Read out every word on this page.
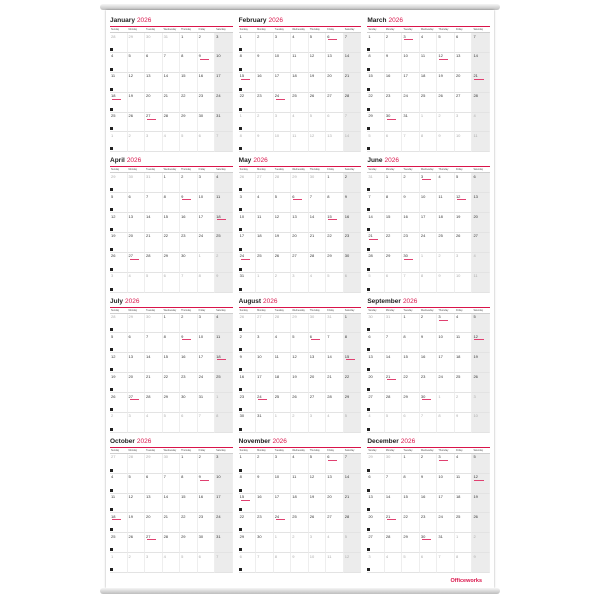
January 2026
Sunday	Monday	Tuesday	Wednesday	Thursday	Friday	Saturday
28	29	30	31	1	2	3
4	5	6	7	8	9	10
11	12	13	14	15	16	17
18	19	20	21	22	23	24
25	26	27	28	29	30	31
1	2	3	4	5	6	7
February 2026
Sunday	Monday	Tuesday	Wednesday	Thursday	Friday	Saturday
1	2	3	4	5	6	7
8	9	10	11	12	13	14
15	16	17	18	19	20	21
22	23	24	25	26	27	28
1	2	3	4	5	6	7
8	9	10	11	12	13	14
March 2026
Sunday	Monday	Tuesday	Wednesday	Thursday	Friday	Saturday
1	2	3	4	5	6	7
8	9	10	11	12	13	14
15	16	17	18	19	20	21
22	23	24	25	26	27	28
29	30	31	1	2	3	4
5	6	7	8	9	10	11
April 2026
Sunday	Monday	Tuesday	Wednesday	Thursday	Friday	Saturday
29	30	31	1	2	3	4
5	6	7	8	9	10	11
12	13	14	15	16	17	18
19	20	21	22	23	24	25
26	27	28	29	30	1	2
3	4	5	6	7	8	9
May 2026
Sunday	Monday	Tuesday	Wednesday	Thursday	Friday	Saturday
26	27	28	29	30	1	2
3	4	5	6	7	8	9
10	11	12	13	14	15	16
17	18	19	20	21	22	23
24	25	26	27	28	29	30
31	1	2	3	4	5	6
June 2026
Sunday	Monday	Tuesday	Wednesday	Thursday	Friday	Saturday
31	1	2	3	4	5	6
7	8	9	10	11	12	13
14	15	16	17	18	19	20
21	22	23	24	25	26	27
28	29	30	1	2	3	4
5	6	7	8	9	10	11
July 2026
Sunday	Monday	Tuesday	Wednesday	Thursday	Friday	Saturday
28	29	30	1	2	3	4
5	6	7	8	9	10	11
12	13	14	15	16	17	18
19	20	21	22	23	24	25
26	27	28	29	30	31	1
2	3	4	5	6	7	8
August 2026
Sunday	Monday	Tuesday	Wednesday	Thursday	Friday	Saturday
26	27	28	29	30	31	1
2	3	4	5	6	7	8
9	10	11	12	13	14	15
16	17	18	19	20	21	22
23	24	25	26	27	28	29
30	31	1	2	3	4	5
September 2026
Sunday	Monday	Tuesday	Wednesday	Thursday	Friday	Saturday
30	31	1	2	3	4	5
6	7	8	9	10	11	12
13	14	15	16	17	18	19
20	21	22	23	24	25	26
27	28	29	30	1	2	3
4	5	6	7	8	9	10
October 2026
Sunday	Monday	Tuesday	Wednesday	Thursday	Friday	Saturday
27	28	29	30	1	2	3
4	5	6	7	8	9	10
11	12	13	14	15	16	17
18	19	20	21	22	23	24
25	26	27	28	29	30	31
1	2	3	4	5	6	7
November 2026
Sunday	Monday	Tuesday	Wednesday	Thursday	Friday	Saturday
1	2	3	4	5	6	7
8	9	10	11	12	13	14
15	16	17	18	19	20	21
22	23	24	25	26	27	28
29	30	1	2	3	4	5
6	7	8	9	10	11	12
December 2026
Sunday	Monday	Tuesday	Wednesday	Thursday	Friday	Saturday
29	30	1	2	3	4	5
6	7	8	9	10	11	12
13	14	15	16	17	18	19
20	21	22	23	24	25	26
27	28	29	30	31	1	2
3	4	5	6	7	8	9
Officeworks
